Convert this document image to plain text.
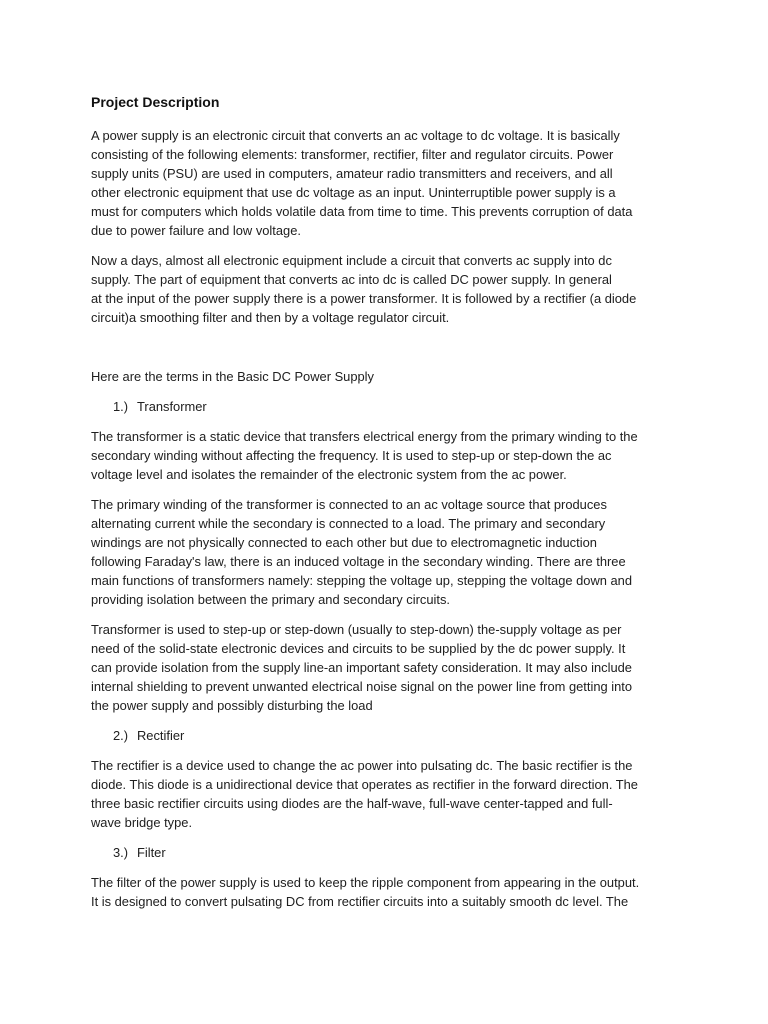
Project Description
A power supply is an electronic circuit that converts an ac voltage to dc voltage. It is basically
consisting of the following elements: transformer, rectifier, filter and regulator circuits. Power
supply units (PSU) are used in computers, amateur radio transmitters and receivers, and all
other electronic equipment that use dc voltage as an input. Uninterruptible power supply is a
must for computers which holds volatile data from time to time. This prevents corruption of data
due to power failure and low voltage.
Now a days, almost all electronic equipment include a circuit that converts ac supply into dc
supply. The part of equipment that converts ac into dc is called DC power supply. In general
at the input of the power supply there is a power transformer. It is followed by a rectifier (a diode
circuit)a smoothing filter and then by a voltage regulator circuit.
Here are the terms in the Basic DC Power Supply
1.) Transformer
The transformer is a static device that transfers electrical energy from the primary winding to the
secondary winding without affecting the frequency. It is used to step-up or step-down the ac
voltage level and isolates the remainder of the electronic system from the ac power.
The primary winding of the transformer is connected to an ac voltage source that produces
alternating current while the secondary is connected to a load. The primary and secondary
windings are not physically connected to each other but due to electromagnetic induction
following Faraday's law, there is an induced voltage in the secondary winding. There are three
main functions of transformers namely: stepping the voltage up, stepping the voltage down and
providing isolation between the primary and secondary circuits.
Transformer is used to step-up or step-down (usually to step-down) the-supply voltage as per
need of the solid-state electronic devices and circuits to be supplied by the dc power supply. It
can provide isolation from the supply line-an important safety consideration. It may also include
internal shielding to prevent unwanted electrical noise signal on the power line from getting into
the power supply and possibly disturbing the load
2.) Rectifier
The rectifier is a device used to change the ac power into pulsating dc. The basic rectifier is the
diode. This diode is a unidirectional device that operates as rectifier in the forward direction. The
three basic rectifier circuits using diodes are the half-wave, full-wave center-tapped and full-
wave bridge type.
3.) Filter
The filter of the power supply is used to keep the ripple component from appearing in the output.
It is designed to convert pulsating DC from rectifier circuits into a suitably smooth dc level. The
